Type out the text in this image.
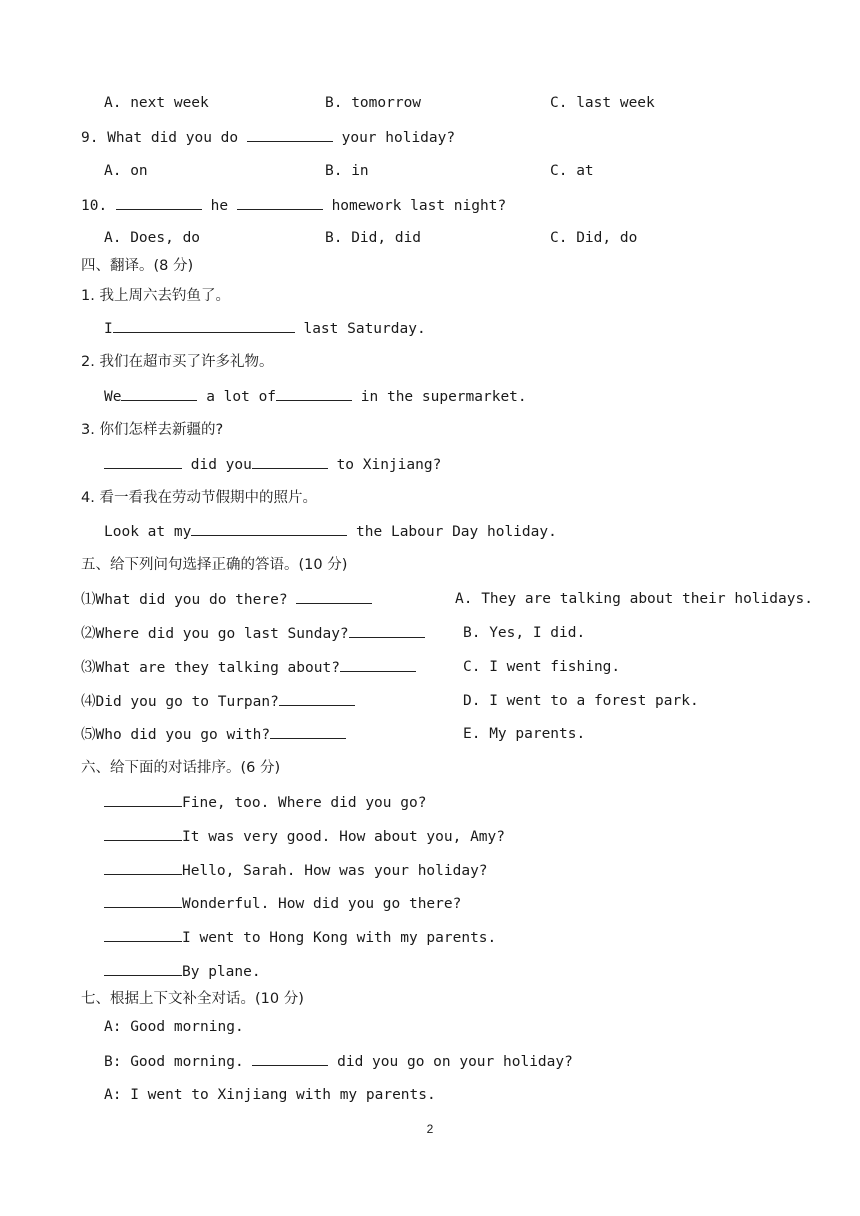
A. next week	B. tomorrow	C. last week
9. What did you do	your holiday?
A. on	B. in	C. at
10.	he	homework last night?
A. Does, do	B. Did, did	C. Did, do
四、翻译。(8 分)
1. 我上周六去钓鱼了。
I	last Saturday.
2. 我们在超市买了许多礼物。
We	a lot of	in the supermarket.
3. 你们怎样去新疆的?
did you	to Xinjiang?
4. 看一看我在劳动节假期中的照片。
Look at my	the Labour Day holiday.
五、给下列问句选择正确的答语。(10 分)
⑴What did you do there?	A. They are talking about their holidays.
⑵Where did you go last Sunday?	B. Yes, I did.
⑶What are they talking about?	C. I went fishing.
⑷Did you go to Turpan?	D. I went to a forest park.
⑸Who did you go with?	E. My parents.
六、给下面的对话排序。(6 分)
Fine, too. Where did you go?
It was very good. How about you, Amy?
Hello, Sarah. How was your holiday?
Wonderful. How did you go there?
I went to Hong Kong with my parents.
By plane.
七、根据上下文补全对话。(10 分)
A: Good morning.
B: Good morning.	did you go on your holiday?
A: I went to Xinjiang with my parents.
2
